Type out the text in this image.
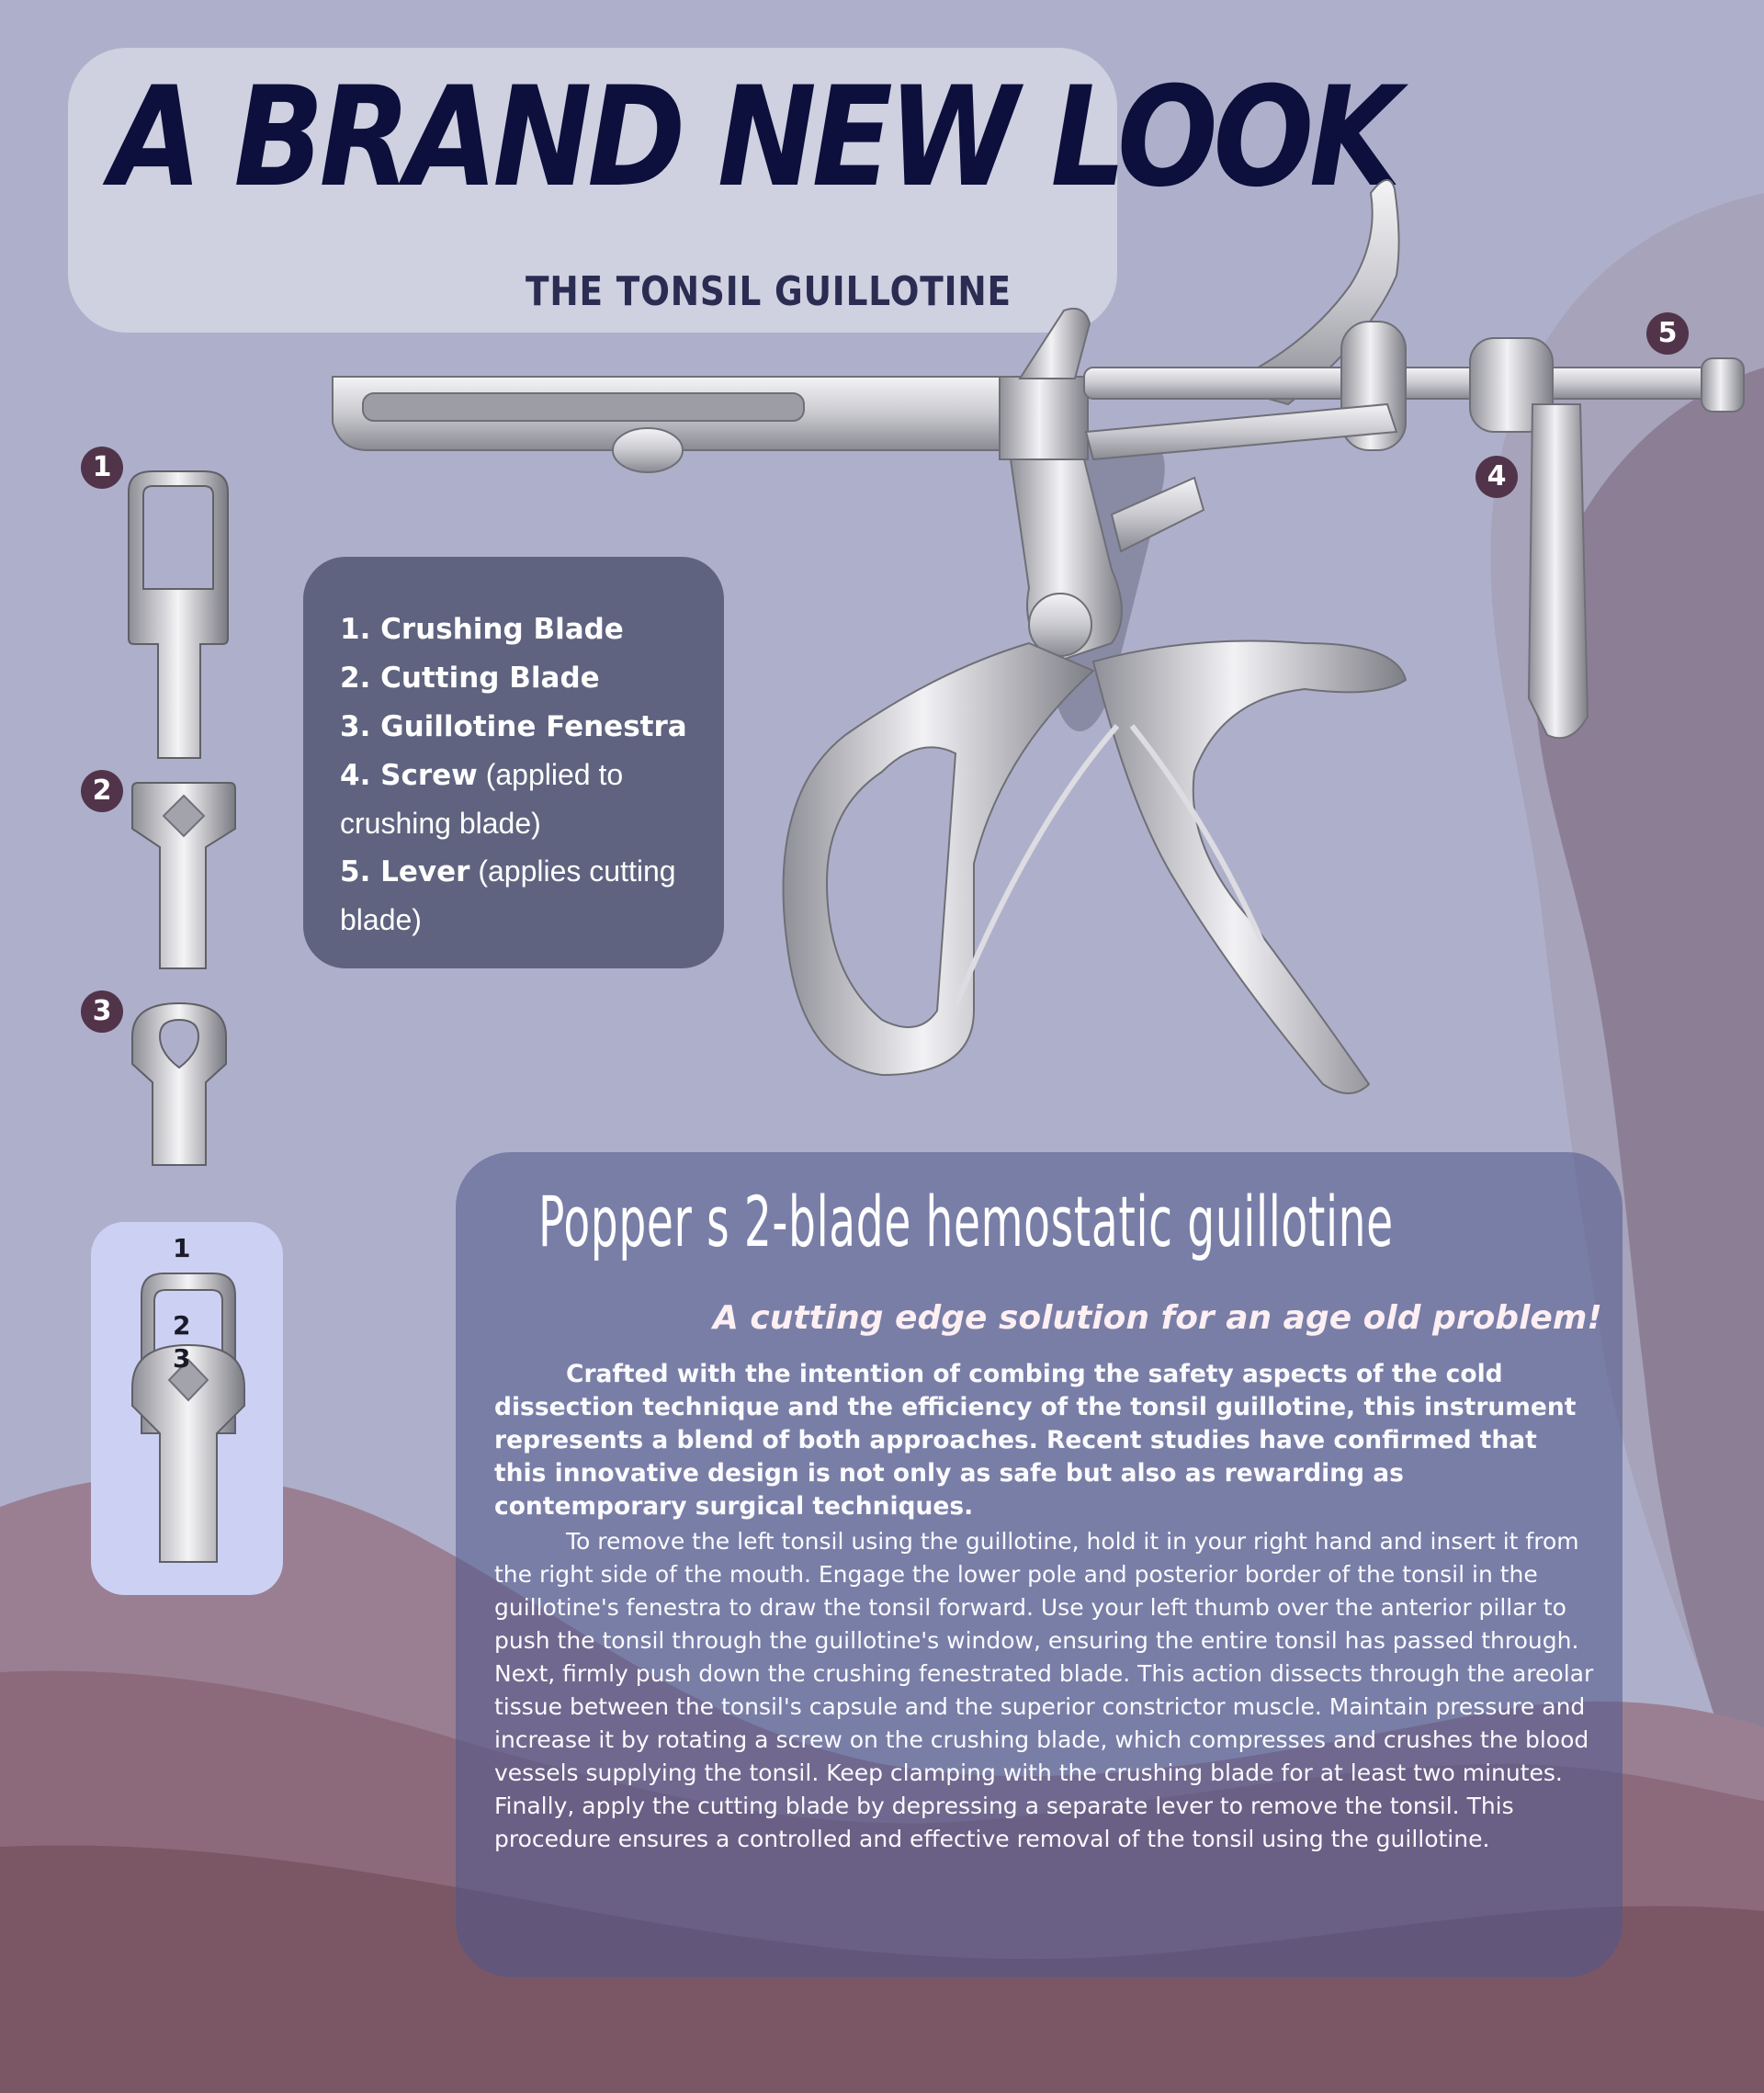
A BRAND NEW LOOK
THE TONSIL GUILLOTINE
5
4
1
2
3

1. Crushing Blade

2. Cutting Blade

3. Guillotine Fenestra

4. Screw (applied to crushing blade)

5. Lever (applies cutting blade)

1
2
3
Popper s 2-blade hemostatic guillotine
A cutting edge solution for an age old problem!

Crafted with the intention of combing the safety aspects of the cold dissection technique and the efficiency of the tonsil guillotine, this instrument represents a blend of both approaches. Recent studies have confirmed that this innovative design is not only as safe but also as rewarding as contemporary surgical techniques.

To remove the left tonsil using the guillotine, hold it in your right hand and insert it from the right side of the mouth. Engage the lower pole and posterior border of the tonsil in the guillotine's fenestra to draw the tonsil forward. Use your left thumb over the anterior pillar to push the tonsil through the guillotine's window, ensuring the entire tonsil has passed through.

Next, firmly push down the crushing fenestrated blade. This action dissects through the areolar tissue between the tonsil's capsule and the superior constrictor muscle. Maintain pressure and increase it by rotating a screw on the crushing blade, which compresses and crushes the blood vessels supplying the tonsil. Keep clamping with the crushing blade for at least two minutes.

Finally, apply the cutting blade by depressing a separate lever to remove the tonsil. This procedure ensures a controlled and effective removal of the tonsil using the guillotine.
